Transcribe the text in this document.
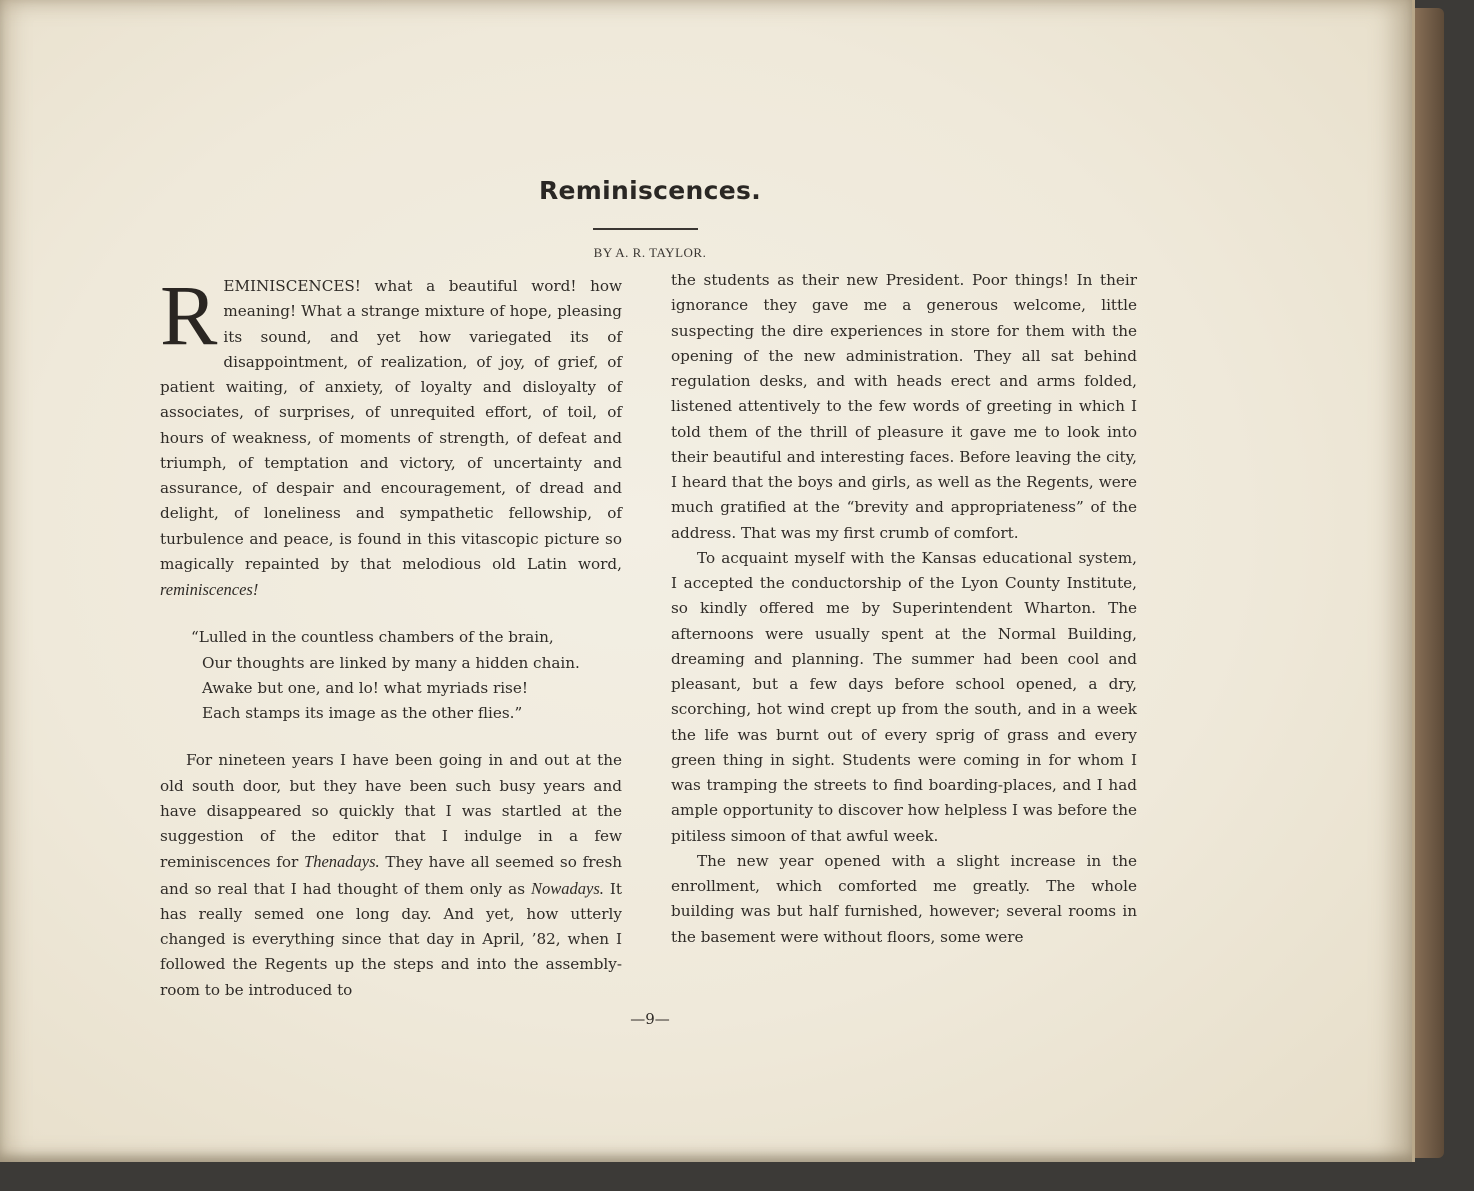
Reminiscences.
BY A. R. TAYLOR.

REMINISCENCES! what a beautiful word! how meaning! What a strange mixture of hope, pleasing its sound, and yet how variegated its of disappointment, of realization, of joy, of grief, of patient waiting, of anxiety, of loyalty and disloyalty of associates, of surprises, of unrequited effort, of toil, of hours of weakness, of moments of strength, of defeat and triumph, of temptation and victory, of uncertainty and assurance, of despair and encouragement, of dread and delight, of loneliness and sympathetic fellowship, of turbulence and peace, is found in this vitascopic picture so magically repainted by that melodious old Latin word, reminiscences!

“Lulled in the countless chambers of the brain,
Our thoughts are linked by many a hidden chain.
Awake but one, and lo! what myriads rise!
Each stamps its image as the other flies.”

For nineteen years I have been going in and out at the old south door, but they have been such busy years and have disappeared so quickly that I was startled at the suggestion of the editor that I indulge in a few reminiscences for Thenadays. They have all seemed so fresh and so real that I had thought of them only as Nowadays. It has really semed one long day. And yet, how utterly changed is everything since that day in April, ’82, when I followed the Regents up the steps and into the assembly-room to be introduced to

the students as their new President. Poor things! In their ignorance they gave me a generous welcome, little suspecting the dire experiences in store for them with the opening of the new administration. They all sat behind regulation desks, and with heads erect and arms folded, listened attentively to the few words of greeting in which I told them of the thrill of pleasure it gave me to look into their beautiful and interesting faces. Before leaving the city, I heard that the boys and girls, as well as the Regents, were much gratified at the “brevity and appropriateness” of the address. That was my first crumb of comfort.

To acquaint myself with the Kansas educational system, I accepted the conductorship of the Lyon County Institute, so kindly offered me by Superintendent Wharton. The afternoons were usually spent at the Normal Building, dreaming and planning. The summer had been cool and pleasant, but a few days before school opened, a dry, scorching, hot wind crept up from the south, and in a week the life was burnt out of every sprig of grass and every green thing in sight. Students were coming in for whom I was tramping the streets to find boarding-places, and I had ample opportunity to discover how helpless I was before the pitiless simoon of that awful week.

The new year opened with a slight increase in the enrollment, which comforted me greatly. The whole building was but half furnished, however; several rooms in the basement were without floors, some were

—9—
